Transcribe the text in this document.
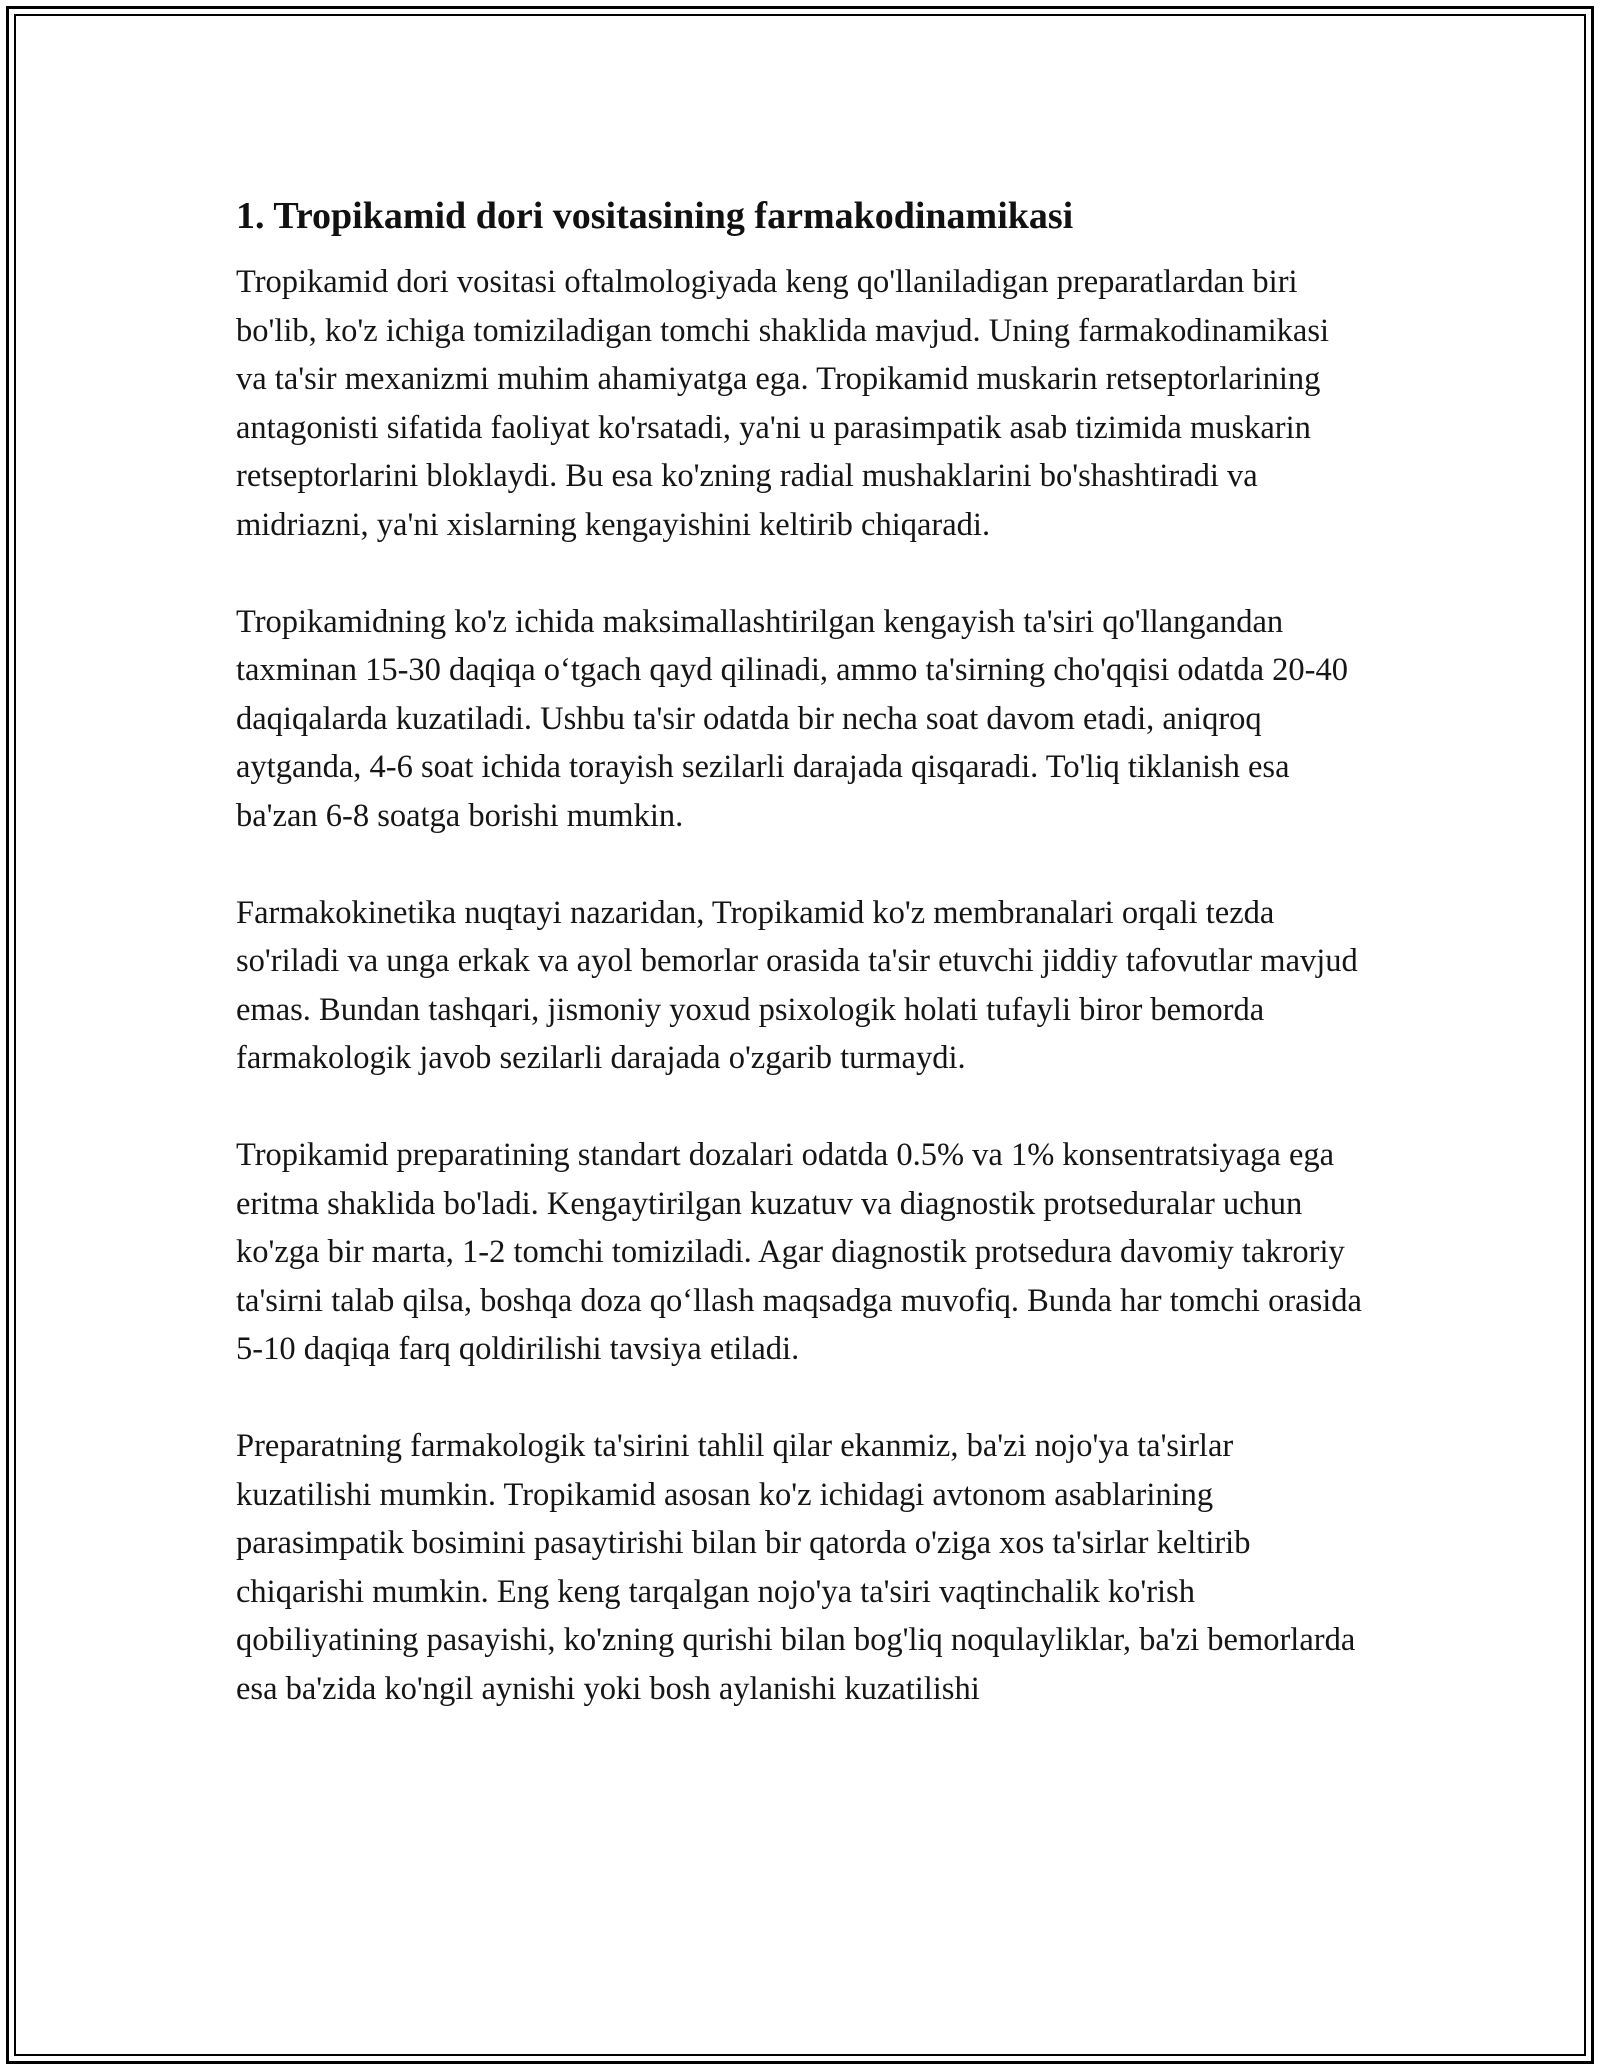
1. Tropikamid dori vositasining farmakodinamikasi

Tropikamid dori vositasi oftalmologiyada keng qo'llaniladigan preparatlardan biri bo'lib, ko'z ichiga tomiziladigan tomchi shaklida mavjud. Uning farmakodinamikasi va ta'sir mexanizmi muhim ahamiyatga ega. Tropikamid muskarin retseptorlarining antagonisti sifatida faoliyat ko'rsatadi, ya'ni u parasimpatik asab tizimida muskarin retseptorlarini bloklaydi. Bu esa ko'zning radial mushaklarini bo'shashtiradi va midriazni, ya'ni xislarning kengayishini keltirib chiqaradi.

Tropikamidning ko'z ichida maksimallashtirilgan kengayish ta'siri qo'llangandan taxminan 15-30 daqiqa o‘tgach qayd qilinadi, ammo ta'sirning cho'qqisi odatda 20-40 daqiqalarda kuzatiladi. Ushbu ta'sir odatda bir necha soat davom etadi, aniqroq aytganda, 4-6 soat ichida torayish sezilarli darajada qisqaradi. To'liq tiklanish esa ba'zan 6-8 soatga borishi mumkin.

Farmakokinetika nuqtayi nazaridan, Tropikamid ko'z membranalari orqali tezda so'riladi va unga erkak va ayol bemorlar orasida ta'sir etuvchi jiddiy tafovutlar mavjud emas. Bundan tashqari, jismoniy yoxud psixologik holati tufayli biror bemorda farmakologik javob sezilarli darajada o'zgarib turmaydi.

Tropikamid preparatining standart dozalari odatda 0.5% va 1% konsentratsiyaga ega eritma shaklida bo'ladi. Kengaytirilgan kuzatuv va diagnostik protseduralar uchun ko'zga bir marta, 1-2 tomchi tomiziladi. Agar diagnostik protsedura davomiy takroriy ta'sirni talab qilsa, boshqa doza qo‘llash maqsadga muvofiq. Bunda har tomchi orasida 5-10 daqiqa farq qoldirilishi tavsiya etiladi.

Preparatning farmakologik ta'sirini tahlil qilar ekanmiz, ba'zi nojo'ya ta'sirlar kuzatilishi mumkin. Tropikamid asosan ko'z ichidagi avtonom asablarining parasimpatik bosimini pasaytirishi bilan bir qatorda o'ziga xos ta'sirlar keltirib chiqarishi mumkin. Eng keng tarqalgan nojo'ya ta'siri vaqtinchalik ko'rish qobiliyatining pasayishi, ko'zning qurishi bilan bog'liq noqulayliklar, ba'zi bemorlarda esa ba'zida ko'ngil aynishi yoki bosh aylanishi kuzatilishi
